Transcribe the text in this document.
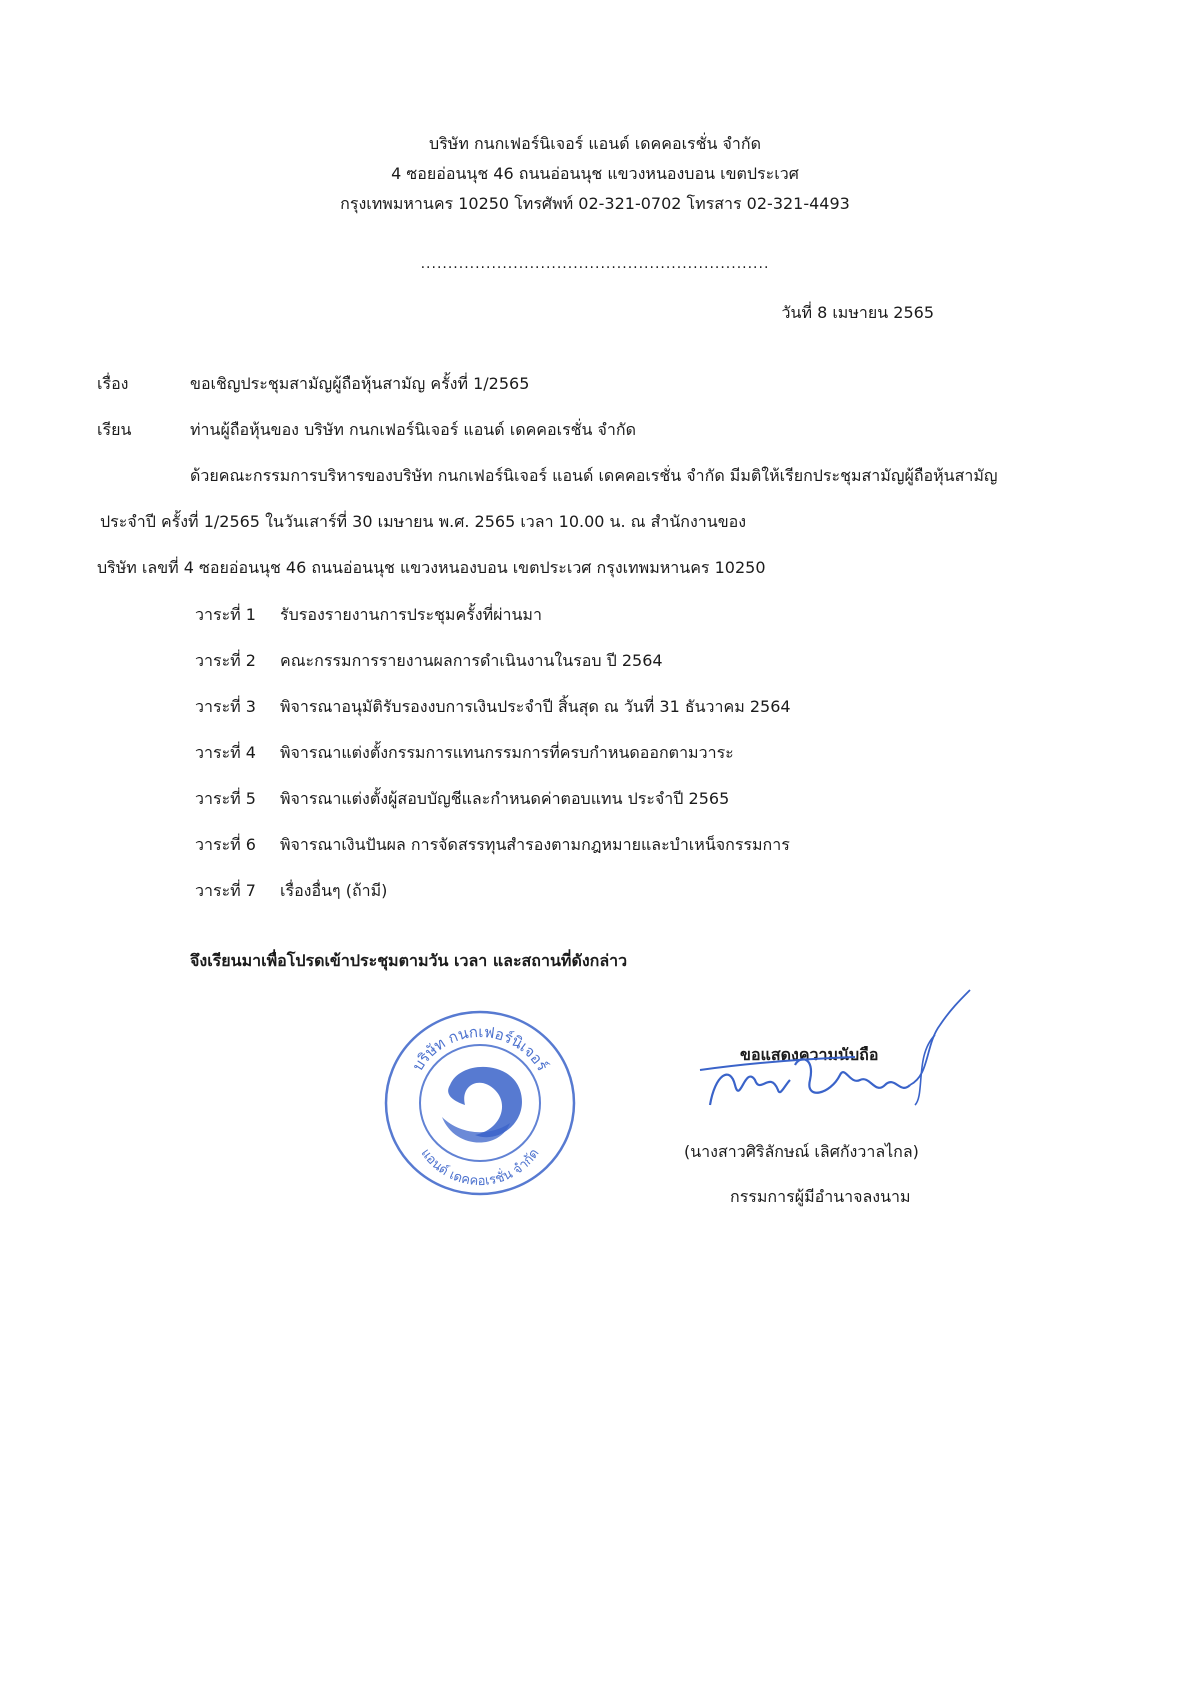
บริษัท กนกเฟอร์นิเจอร์ แอนด์ เดคคอเรชั่น จำกัด
4 ซอยอ่อนนุช 46 ถนนอ่อนนุช แขวงหนองบอน เขตประเวศ
กรุงเทพมหานคร 10250 โทรศัพท์ 02-321-0702 โทรสาร 02-321-4493
................................................................
วันที่ 8 เมษายน 2565
เรื่อง	ขอเชิญประชุมสามัญผู้ถือหุ้นสามัญ ครั้งที่ 1/2565
เรียน	ท่านผู้ถือหุ้นของ บริษัท กนกเฟอร์นิเจอร์ แอนด์ เดคคอเรชั่น จำกัด
ด้วยคณะกรรมการบริหารของบริษัท กนกเฟอร์นิเจอร์ แอนด์ เดคคอเรชั่น จำกัด มีมติให้เรียกประชุมสามัญผู้ถือหุ้นสามัญ
ประจำปี ครั้งที่ 1/2565 ในวันเสาร์ที่ 30 เมษายน พ.ศ. 2565 เวลา 10.00 น. ณ สำนักงานของ
บริษัท เลขที่ 4 ซอยอ่อนนุช 46 ถนนอ่อนนุช แขวงหนองบอน เขตประเวศ กรุงเทพมหานคร 10250
วาระที่ 1 รับรองรายงานการประชุมครั้งที่ผ่านมา
วาระที่ 2 คณะกรรมการรายงานผลการดำเนินงานในรอบ ปี 2564
วาระที่ 3 พิจารณาอนุมัติรับรองงบการเงินประจำปี สิ้นสุด ณ วันที่ 31 ธันวาคม 2564
วาระที่ 4 พิจารณาแต่งตั้งกรรมการแทนกรรมการที่ครบกำหนดออกตามวาระ
วาระที่ 5 พิจารณาแต่งตั้งผู้สอบบัญชีและกำหนดค่าตอบแทน ประจำปี 2565
วาระที่ 6 พิจารณาเงินปันผล การจัดสรรทุนสำรองตามกฎหมายและบำเหน็จกรรมการ
วาระที่ 7 เรื่องอื่นๆ (ถ้ามี)
จึงเรียนมาเพื่อโปรดเข้าประชุมตามวัน เวลา และสถานที่ดังกล่าว
บริษัท กนกเฟอร์นิเจอร์
แอนด์ เดคคอเรชั่น จำกัด
ขอแสดงความนับถือ
(นางสาวศิริลักษณ์ เลิศกังวาลไกล)
กรรมการผู้มีอำนาจลงนาม
